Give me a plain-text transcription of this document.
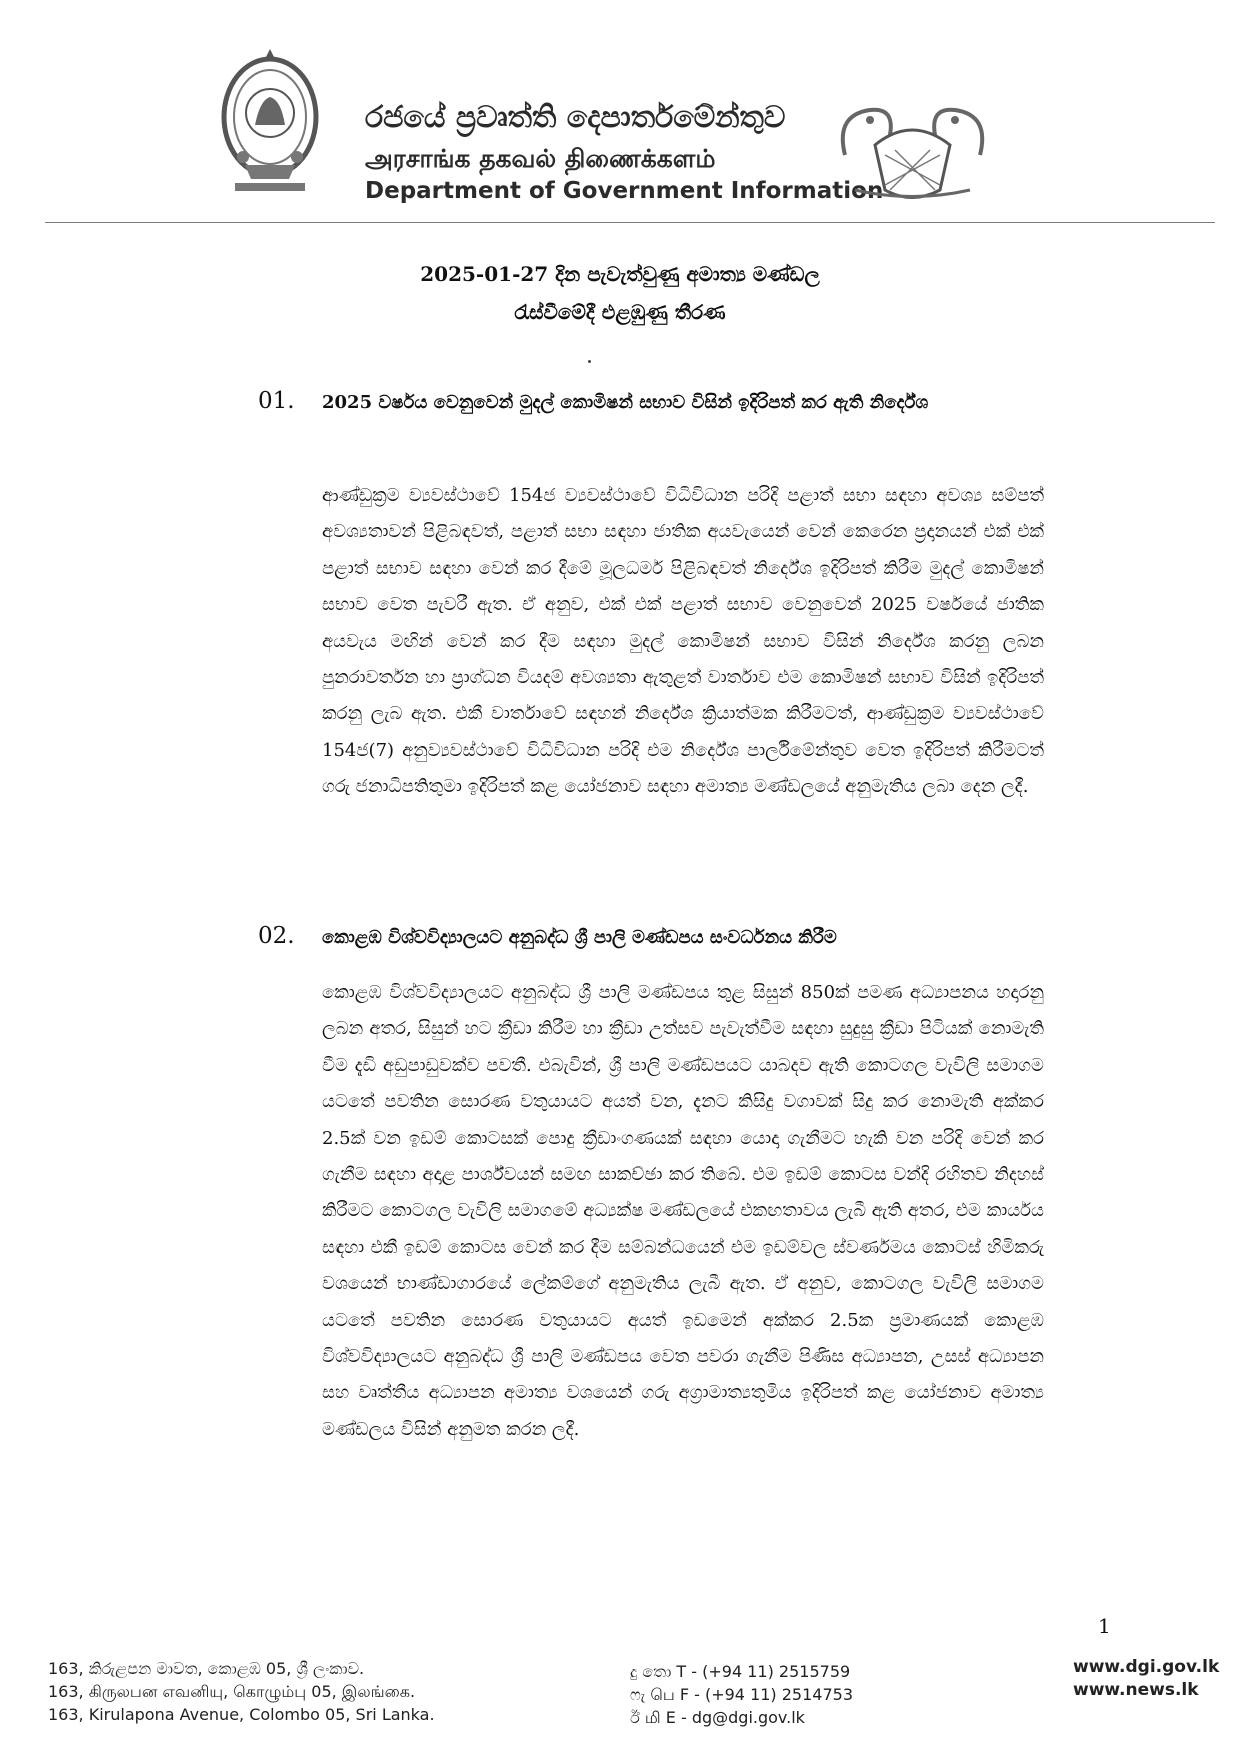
රජයේ ප්‍රවෘත්ති දෙපාර්තමේන්තුව
அரசாங்க தகவல் திணைக்களம்
Department of Government Information
2025-01-27 දින පැවැත්වුණු අමාත්‍ය මණ්ඩල
රැස්වීමේදී එළඹුණු තීරණ
01. 2025 වර්ෂය වෙනුවෙන් මුදල් කොමිෂන් සභාව විසින් ඉදිරිපත් කර ඇති නිර්දේශ
ආණ්ඩුක්‍රම ව්‍යවස්ථාවේ 154ජ ව්‍යවස්ථාවේ විධිවිධාන පරිදි පළාත් සභා සඳහා අවශ්‍ය සම්පත් අවශ්‍යතාවන් පිළිබඳවත්, පළාත් සභා සඳහා ජාතික අයවැයෙන් වෙන් කෙරෙන ප්‍රදානයන් එක් එක් පළාත් සභාව සඳහා වෙන් කර දීමේ මූලධර්ම පිළිබඳවත් නිර්දේශ ඉදිරිපත් කිරීම මුදල් කොමිෂන් සභාව වෙත පැවරී ඇත. ඒ අනුව, එක් එක් පළාත් සභාව වෙනුවෙන් 2025 වර්ෂයේ ජාතික අයවැය මඟින් වෙන් කර දීම සඳහා මුදල් කොමිෂන් සභාව විසින් නිර්දේශ කරනු ලබන පුනරාවර්තන හා ප්‍රාග්ධන වියදම් අවශ්‍යතා ඇතුළත් වාර්තාව එම කොමිෂන් සභාව විසින් ඉදිරිපත් කරනු ලැබ ඇත. එකී වාර්තාවේ සඳහන් නිර්දේශ ක්‍රියාත්මක කිරීමටත්, ආණ්ඩුක්‍රම ව්‍යවස්ථාවේ 154ජ(7) අනුව්‍යවස්ථාවේ විධිවිධාන පරිදි එම නිර්දේශ පාර්ලිමේන්තුව වෙත ඉදිරිපත් කිරීමටත් ගරු ජනාධිපතිතුමා ඉදිරිපත් කළ යෝජනාව සඳහා අමාත්‍ය මණ්ඩලයේ අනුමැතිය ලබා දෙන ලදී.
02. කොළඹ විශ්වවිද්‍යාලයට අනුබද්ධ ශ්‍රී පාලි මණ්ඩපය සංවර්ධනය කිරීම
කොළඹ විශ්වවිද්‍යාලයට අනුබද්ධ ශ්‍රී පාලි මණ්ඩපය තුළ සිසුන් 850ක් පමණ අධ්‍යාපනය හදාරනු ලබන අතර, සිසුන් හට ක්‍රීඩා කිරීම හා ක්‍රීඩා උත්සව පැවැත්වීම සඳහා සුදුසු ක්‍රීඩා පිටියක් නොමැති වීම දැඩි අඩුපාඩුවක්ව පවතී. එබැවින්, ශ්‍රී පාලි මණ්ඩපයට යාබදව ඇති කොටගල වැවිලි සමාගම යටතේ පවතින සොරණ වතුයායට අයත් වන, දැනට කිසිදු වගාවක් සිදු කර නොමැති අක්කර 2.5ක් වන ඉඩම් කොටසක් පොදු ක්‍රීඩාංගණයක් සඳහා යොදා ගැනීමට හැකි වන පරිදි වෙන් කර ගැනීම සඳහා අදාළ පාර්ශ්වයන් සමඟ සාකච්ඡා කර තිබේ. එම ඉඩම් කොටස වන්දි රහිතව නිදහස් කිරීමට කොටගල වැවිලි සමාගමේ අධ්‍යක්ෂ මණ්ඩලයේ එකඟතාවය ලැබී ඇති අතර, එම කාර්යය සඳහා එකී ඉඩම් කොටස වෙන් කර දීම සම්බන්ධයෙන් එම ඉඩම්වල ස්වර්ණමය කොටස් හිමිකරු වශයෙන් භාණ්ඩාගාරයේ ලේකම්ගේ අනුමැතිය ලැබී ඇත. ඒ අනුව, කොටගල වැවිලි සමාගම යටතේ පවතින සොරණ වතුයායට අයත් ඉඩමෙන් අක්කර 2.5ක ප්‍රමාණයක් කොළඹ විශ්වවිද්‍යාලයට අනුබද්ධ ශ්‍රී පාලි මණ්ඩපය වෙත පවරා ගැනීම පිණිස අධ්‍යාපන, උසස් අධ්‍යාපන සහ වෘත්තීය අධ්‍යාපන අමාත්‍ය වශයෙන් ගරු අග්‍රාමාත්‍යතුමිය ඉදිරිපත් කළ යෝජනාව අමාත්‍ය මණ්ඩලය විසින් අනුමත කරන ලදී.
1
163, කිරුළපන මාවත, කොළඹ 05, ශ්‍රී ලංකාව.
163, கிருலபன எவனியு, கொழும்பு 05, இலங்கை.
163, Kirulapona Avenue, Colombo 05, Sri Lanka.
දු තො T - (+94 11) 2515759
ෆැ பெ F - (+94 11) 2514753
ඊ மி E - dg@dgi.gov.lk
www.dgi.gov.lk
www.news.lk
